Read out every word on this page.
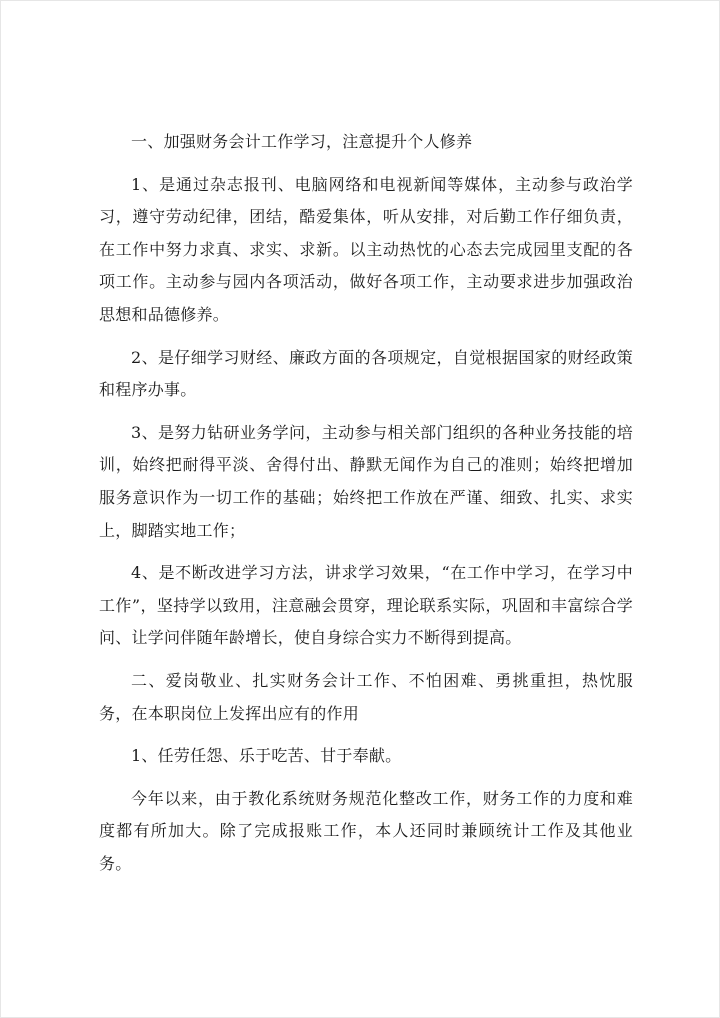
一、加强财务会计工作学习，注意提升个人修养

1、是通过杂志报刊、电脑网络和电视新闻等媒体，主动参与政治学习，遵守劳动纪律，团结，酷爱集体，听从安排，对后勤工作仔细负责，在工作中努力求真、求实、求新。以主动热忱的心态去完成园里支配的各项工作。主动参与园内各项活动，做好各项工作，主动要求进步加强政治思想和品德修养。

2、是仔细学习财经、廉政方面的各项规定，自觉根据国家的财经政策和程序办事。

3、是努力钻研业务学问，主动参与相关部门组织的各种业务技能的培训，始终把耐得平淡、舍得付出、静默无闻作为自己的准则；始终把增加服务意识作为一切工作的基础；始终把工作放在严谨、细致、扎实、求实上，脚踏实地工作；

4、是不断改进学习方法，讲求学习效果，“在工作中学习，在学习中工作”，坚持学以致用，注意融会贯穿，理论联系实际，巩固和丰富综合学问、让学问伴随年龄增长，使自身综合实力不断得到提高。

二、爱岗敬业、扎实财务会计工作、不怕困难、勇挑重担，热忱服务，在本职岗位上发挥出应有的作用

1、任劳任怨、乐于吃苦、甘于奉献。

今年以来，由于教化系统财务规范化整改工作，财务工作的力度和难度都有所加大。除了完成报账工作，本人还同时兼顾统计工作及其他业务。
